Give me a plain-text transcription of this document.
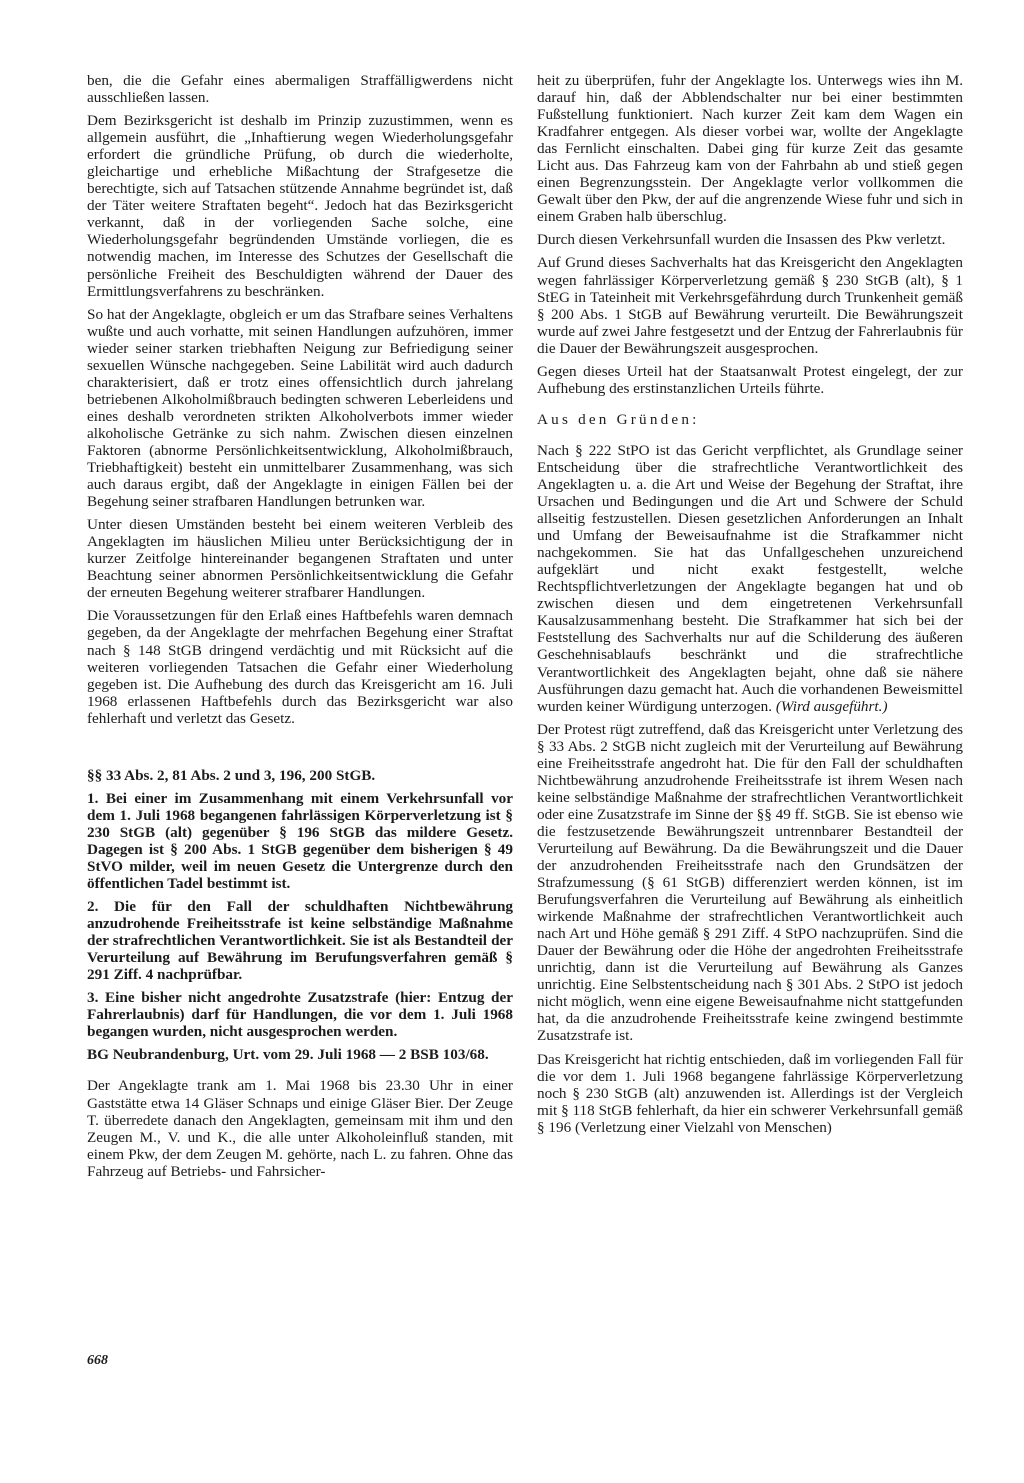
ben, die die Gefahr eines abermaligen Straffälligwerdens nicht ausschließen lassen.

Dem Bezirksgericht ist deshalb im Prinzip zuzustimmen, wenn es allgemein ausführt, die „Inhaftierung wegen Wiederholungsgefahr erfordert die gründliche Prüfung, ob durch die wiederholte, gleichartige und erhebliche Mißachtung der Strafgesetze die berechtigte, sich auf Tatsachen stützende Annahme begründet ist, daß der Täter weitere Straftaten begeht“. Jedoch hat das Bezirksgericht verkannt, daß in der vorliegenden Sache solche, eine Wiederholungsgefahr begründenden Umstände vorliegen, die es notwendig machen, im Interesse des Schutzes der Gesellschaft die persönliche Freiheit des Beschuldigten während der Dauer des Ermittlungsverfahrens zu beschränken.

So hat der Angeklagte, obgleich er um das Strafbare seines Verhaltens wußte und auch vorhatte, mit seinen Handlungen aufzuhören, immer wieder seiner starken triebhaften Neigung zur Befriedigung seiner sexuellen Wünsche nachgegeben. Seine Labilität wird auch dadurch charakterisiert, daß er trotz eines offensichtlich durch jahrelang betriebenen Alkoholmißbrauch bedingten schweren Leberleidens und eines deshalb verordneten strikten Alkoholverbots immer wieder alkoholische Getränke zu sich nahm. Zwischen diesen einzelnen Faktoren (abnorme Persönlichkeitsentwicklung, Alkoholmißbrauch, Triebhaftigkeit) besteht ein unmittelbarer Zusammenhang, was sich auch daraus ergibt, daß der Angeklagte in einigen Fällen bei der Begehung seiner strafbaren Handlungen betrunken war.

Unter diesen Umständen besteht bei einem weiteren Verbleib des Angeklagten im häuslichen Milieu unter Berücksichtigung der in kurzer Zeitfolge hintereinander begangenen Straftaten und unter Beachtung seiner abnormen Persönlichkeitsentwicklung die Gefahr der erneuten Begehung weiterer strafbarer Handlungen.

Die Voraussetzungen für den Erlaß eines Haftbefehls waren demnach gegeben, da der Angeklagte der mehrfachen Begehung einer Straftat nach § 148 StGB dringend verdächtig und mit Rücksicht auf die weiteren vorliegenden Tatsachen die Gefahr einer Wiederholung gegeben ist. Die Aufhebung des durch das Kreisgericht am 16. Juli 1968 erlassenen Haftbefehls durch das Bezirksgericht war also fehlerhaft und verletzt das Gesetz.

§§ 33 Abs. 2, 81 Abs. 2 und 3, 196, 200 StGB.

1. Bei einer im Zusammenhang mit einem Verkehrsunfall vor dem 1. Juli 1968 begangenen fahrlässigen Körperverletzung ist § 230 StGB (alt) gegenüber § 196 StGB das mildere Gesetz. Dagegen ist § 200 Abs. 1 StGB gegenüber dem bisherigen § 49 StVO milder, weil im neuen Gesetz die Untergrenze durch den öffentlichen Tadel bestimmt ist.

2. Die für den Fall der schuldhaften Nichtbewährung anzudrohende Freiheitsstrafe ist keine selbständige Maßnahme der strafrechtlichen Verantwortlichkeit. Sie ist als Bestandteil der Verurteilung auf Bewährung im Berufungsverfahren gemäß § 291 Ziff. 4 nachprüfbar.

3. Eine bisher nicht angedrohte Zusatzstrafe (hier: Entzug der Fahrerlaubnis) darf für Handlungen, die vor dem 1. Juli 1968 begangen wurden, nicht ausgesprochen werden.

BG Neubrandenburg, Urt. vom 29. Juli 1968 — 2 BSB 103/68.

Der Angeklagte trank am 1. Mai 1968 bis 23.30 Uhr in einer Gaststätte etwa 14 Gläser Schnaps und einige Gläser Bier. Der Zeuge T. überredete danach den Angeklagten, gemeinsam mit ihm und den Zeugen M., V. und K., die alle unter Alkoholeinfluß standen, mit einem Pkw, der dem Zeugen M. gehörte, nach L. zu fahren. Ohne das Fahrzeug auf Betriebs- und Fahrsicher-

heit zu überprüfen, fuhr der Angeklagte los. Unterwegs wies ihn M. darauf hin, daß der Abblendschalter nur bei einer bestimmten Fußstellung funktioniert. Nach kurzer Zeit kam dem Wagen ein Kradfahrer entgegen. Als dieser vorbei war, wollte der Angeklagte das Fernlicht einschalten. Dabei ging für kurze Zeit das gesamte Licht aus. Das Fahrzeug kam von der Fahrbahn ab und stieß gegen einen Begrenzungsstein. Der Angeklagte verlor vollkommen die Gewalt über den Pkw, der auf die angrenzende Wiese fuhr und sich in einem Graben halb überschlug.

Durch diesen Verkehrsunfall wurden die Insassen des Pkw verletzt.

Auf Grund dieses Sachverhalts hat das Kreisgericht den Angeklagten wegen fahrlässiger Körperverletzung gemäß § 230 StGB (alt), § 1 StEG in Tateinheit mit Verkehrsgefährdung durch Trunkenheit gemäß § 200 Abs. 1 StGB auf Bewährung verurteilt. Die Bewährungszeit wurde auf zwei Jahre festgesetzt und der Entzug der Fahrerlaubnis für die Dauer der Bewährungszeit ausgesprochen.

Gegen dieses Urteil hat der Staatsanwalt Protest eingelegt, der zur Aufhebung des erstinstanzlichen Urteils führte.

Aus den Gründen:

Nach § 222 StPO ist das Gericht verpflichtet, als Grundlage seiner Entscheidung über die strafrechtliche Verantwortlichkeit des Angeklagten u. a. die Art und Weise der Begehung der Straftat, ihre Ursachen und Bedingungen und die Art und Schwere der Schuld allseitig festzustellen. Diesen gesetzlichen Anforderungen an Inhalt und Umfang der Beweisaufnahme ist die Strafkammer nicht nachgekommen. Sie hat das Unfallgeschehen unzureichend aufgeklärt und nicht exakt festgestellt, welche Rechtspflichtverletzungen der Angeklagte begangen hat und ob zwischen diesen und dem eingetretenen Verkehrsunfall Kausalzusammenhang besteht. Die Strafkammer hat sich bei der Feststellung des Sachverhalts nur auf die Schilderung des äußeren Geschehnisablaufs beschränkt und die strafrechtliche Verantwortlichkeit des Angeklagten bejaht, ohne daß sie nähere Ausführungen dazu gemacht hat. Auch die vorhandenen Beweismittel wurden keiner Würdigung unterzogen. (Wird ausgeführt.)

Der Protest rügt zutreffend, daß das Kreisgericht unter Verletzung des § 33 Abs. 2 StGB nicht zugleich mit der Verurteilung auf Bewährung eine Freiheitsstrafe angedroht hat. Die für den Fall der schuldhaften Nichtbewährung anzudrohende Freiheitsstrafe ist ihrem Wesen nach keine selbständige Maßnahme der strafrechtlichen Verantwortlichkeit oder eine Zusatzstrafe im Sinne der §§ 49 ff. StGB. Sie ist ebenso wie die festzusetzende Bewährungszeit untrennbarer Bestandteil der Verurteilung auf Bewährung. Da die Bewährungszeit und die Dauer der anzudrohenden Freiheitsstrafe nach den Grundsätzen der Strafzumessung (§ 61 StGB) differenziert werden können, ist im Berufungsverfahren die Verurteilung auf Bewährung als einheitlich wirkende Maßnahme der strafrechtlichen Verantwortlichkeit auch nach Art und Höhe gemäß § 291 Ziff. 4 StPO nachzuprüfen. Sind die Dauer der Bewährung oder die Höhe der angedrohten Freiheitsstrafe unrichtig, dann ist die Verurteilung auf Bewährung als Ganzes unrichtig. Eine Selbstentscheidung nach § 301 Abs. 2 StPO ist jedoch nicht möglich, wenn eine eigene Beweisaufnahme nicht stattgefunden hat, da die anzudrohende Freiheitsstrafe keine zwingend bestimmte Zusatzstrafe ist.

Das Kreisgericht hat richtig entschieden, daß im vorliegenden Fall für die vor dem 1. Juli 1968 begangene fahrlässige Körperverletzung noch § 230 StGB (alt) anzuwenden ist. Allerdings ist der Vergleich mit § 118 StGB fehlerhaft, da hier ein schwerer Verkehrsunfall gemäß § 196 (Verletzung einer Vielzahl von Menschen)

668
